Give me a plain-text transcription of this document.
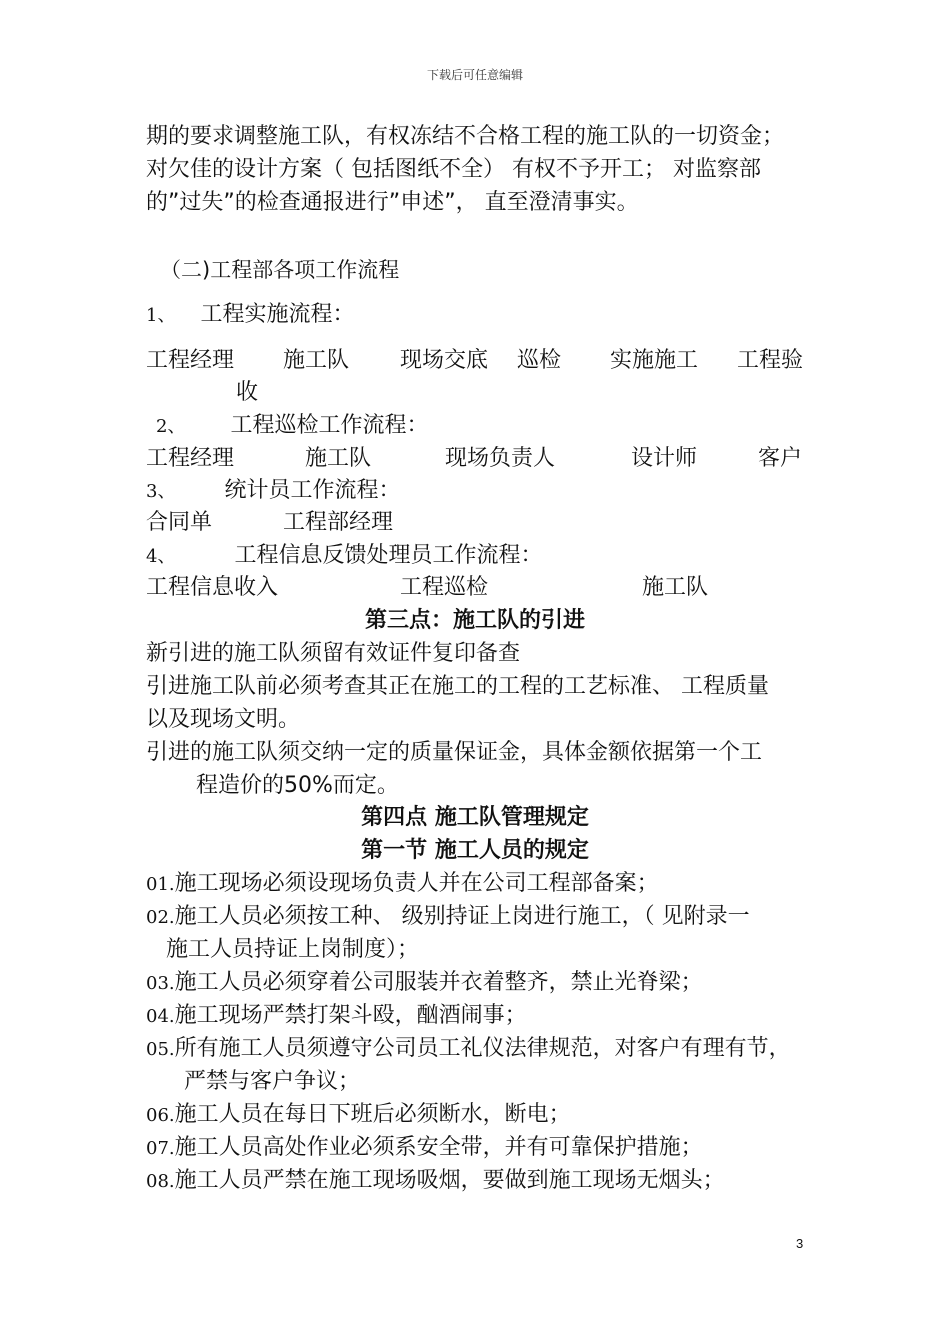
下载后可任意编辑
期的要求调整施工队，有权冻结不合格工程的施工队的一切资金；
对欠佳的设计方案（ 包括图纸不全） 有权不予开工； 对监察部
的”过失”的检查通报进行”申述”， 直至澄清事实。
（二)工程部各项工作流程
1、 工程实施流程：
工程经理 施工队 现场交底 巡检 实施施工 工程验
收
2、 工程巡检工作流程：
工程经理	施工队	现场负责人	设计师	客户
3、 统计员工作流程：
合同单	工程部经理
4、	工程信息反馈处理员工作流程：
工程信息收入	工程巡检	施工队
第三点：施工队的引进
新引进的施工队须留有效证件复印备查
引进施工队前必须考查其正在施工的工程的工艺标准、 工程质量
以及现场文明。
引进的施工队须交纳一定的质量保证金，具体金额依据第一个工
程造价的50%而定。
第四点 施工队管理规定
第一节 施工人员的规定
01.施工现场必须设现场负责人并在公司工程部备案；
02.施工人员必须按工种、 级别持证上岗进行施工，（ 见附录一
施工人员持证上岗制度）；
03.施工人员必须穿着公司服装并衣着整齐，禁止光脊梁；
04.施工现场严禁打架斗殴，酗酒闹事；
05.所有施工人员须遵守公司员工礼仪法律规范，对客户有理有节，
严禁与客户争议；
06.施工人员在每日下班后必须断水，断电；
07.施工人员高处作业必须系安全带，并有可靠保护措施；
08.施工人员严禁在施工现场吸烟，要做到施工现场无烟头；
3
